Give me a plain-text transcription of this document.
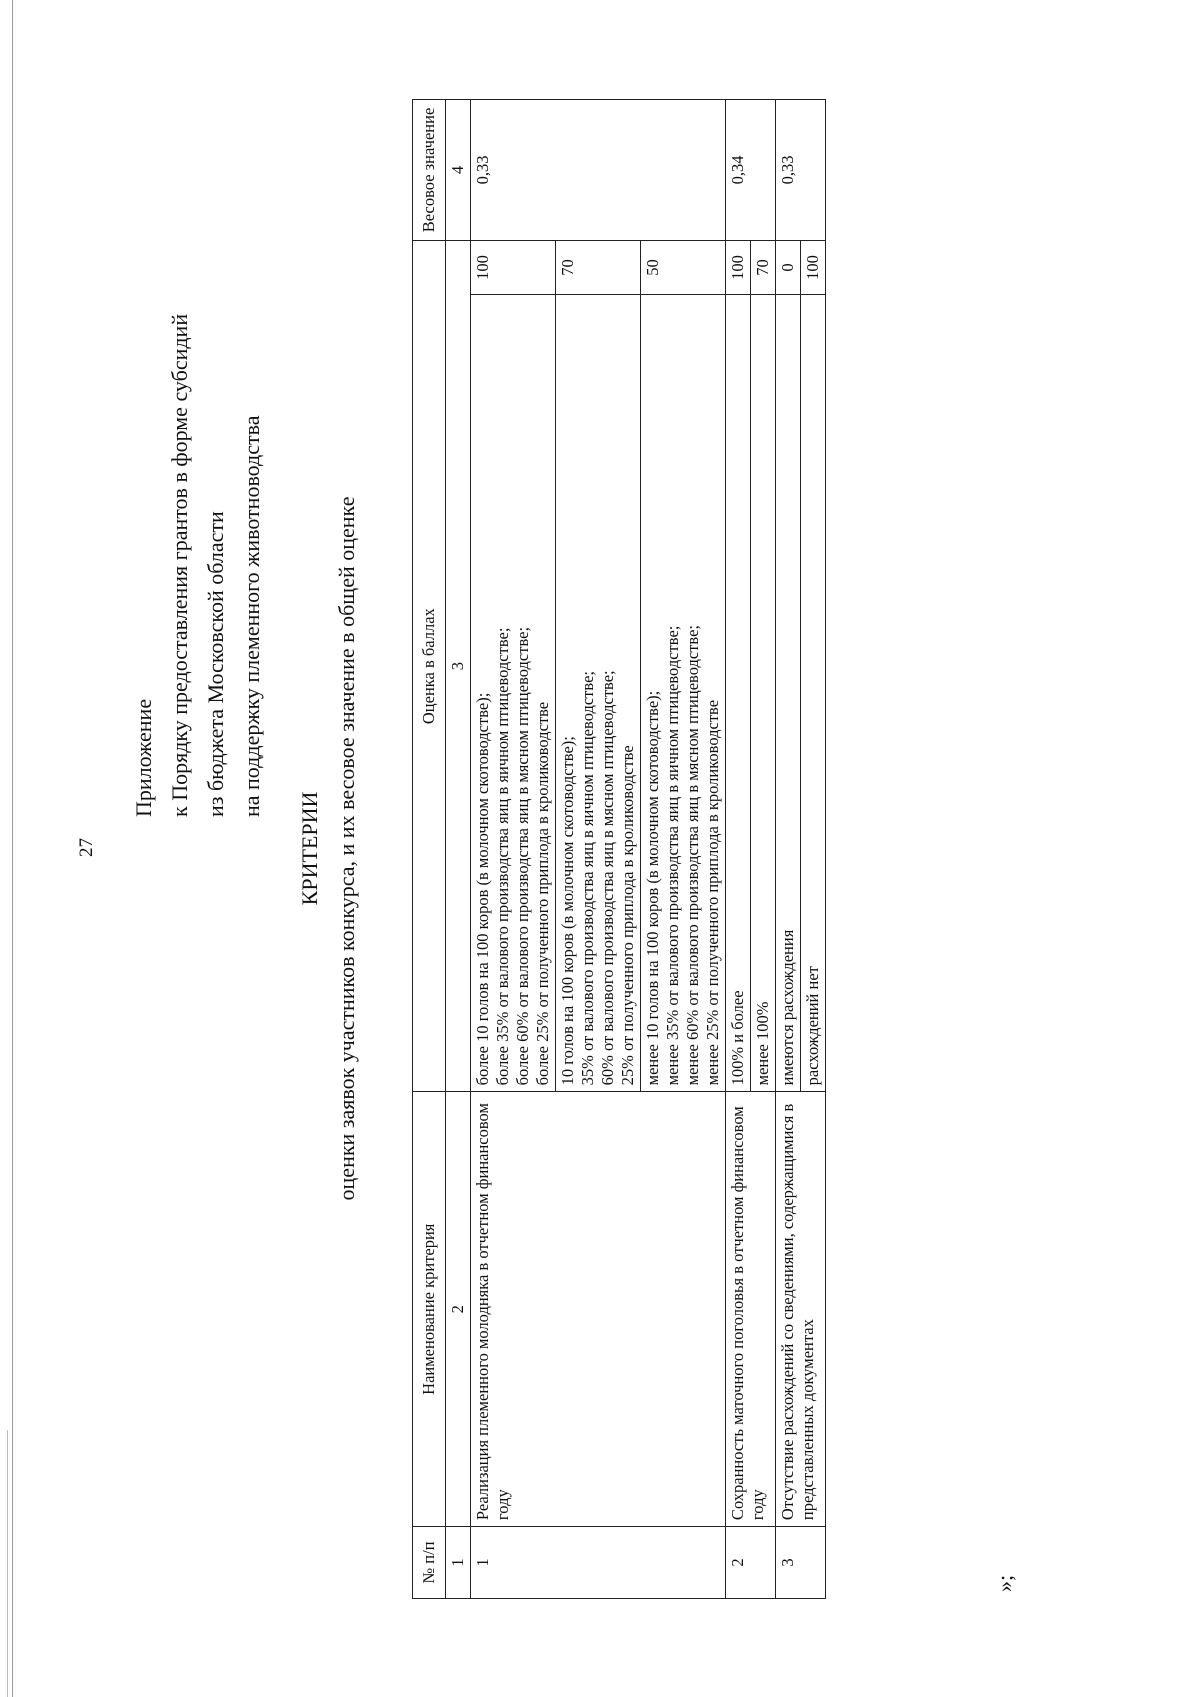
27
Приложение к Порядку предоставления грантов в форме субсидий из бюджета Московской области на поддержку племенного животноводства
КРИТЕРИИ оценки заявок участников конкурса, и их весовое значение в общей оценке
№ п/п	Наименование критерия	Оценка в баллах		Весовое значение
1	2	3		4
1	Реализация племенного молодняка в отчетном финансовом году	более 10 голов на 100 коров (в молочном скотоводстве); более 35% от валового производства яиц в яичном птицеводстве; более 60% от валового производства яиц в мясном птицеводстве; более 25% от полученного приплода в кролиководстве	100	0,33

		10 голов на 100 коров (в молочном скотоводстве); 35% от валового производства яиц в яичном птицеводстве; 60% от валового производства яиц в мясном птицеводстве; 25% от полученного приплода в кролиководстве	70	

		менее 10 голов на 100 коров (в молочном скотоводстве); менее 35% от валового производства яиц в яичном птицеводстве; менее 60% от валового производства яиц в мясном птицеводстве; менее 25% от полученного приплода в кролиководстве	50	
2	Сохранность маточного поголовья в отчетном финансовом году	100% и более	100	0,34

		менее 100%	70	
3	Отсутствие расхождений со сведениями, содержащимися в представленных документах	имеются расхождения	0	0,33

		расхождений нет	100	
»;
